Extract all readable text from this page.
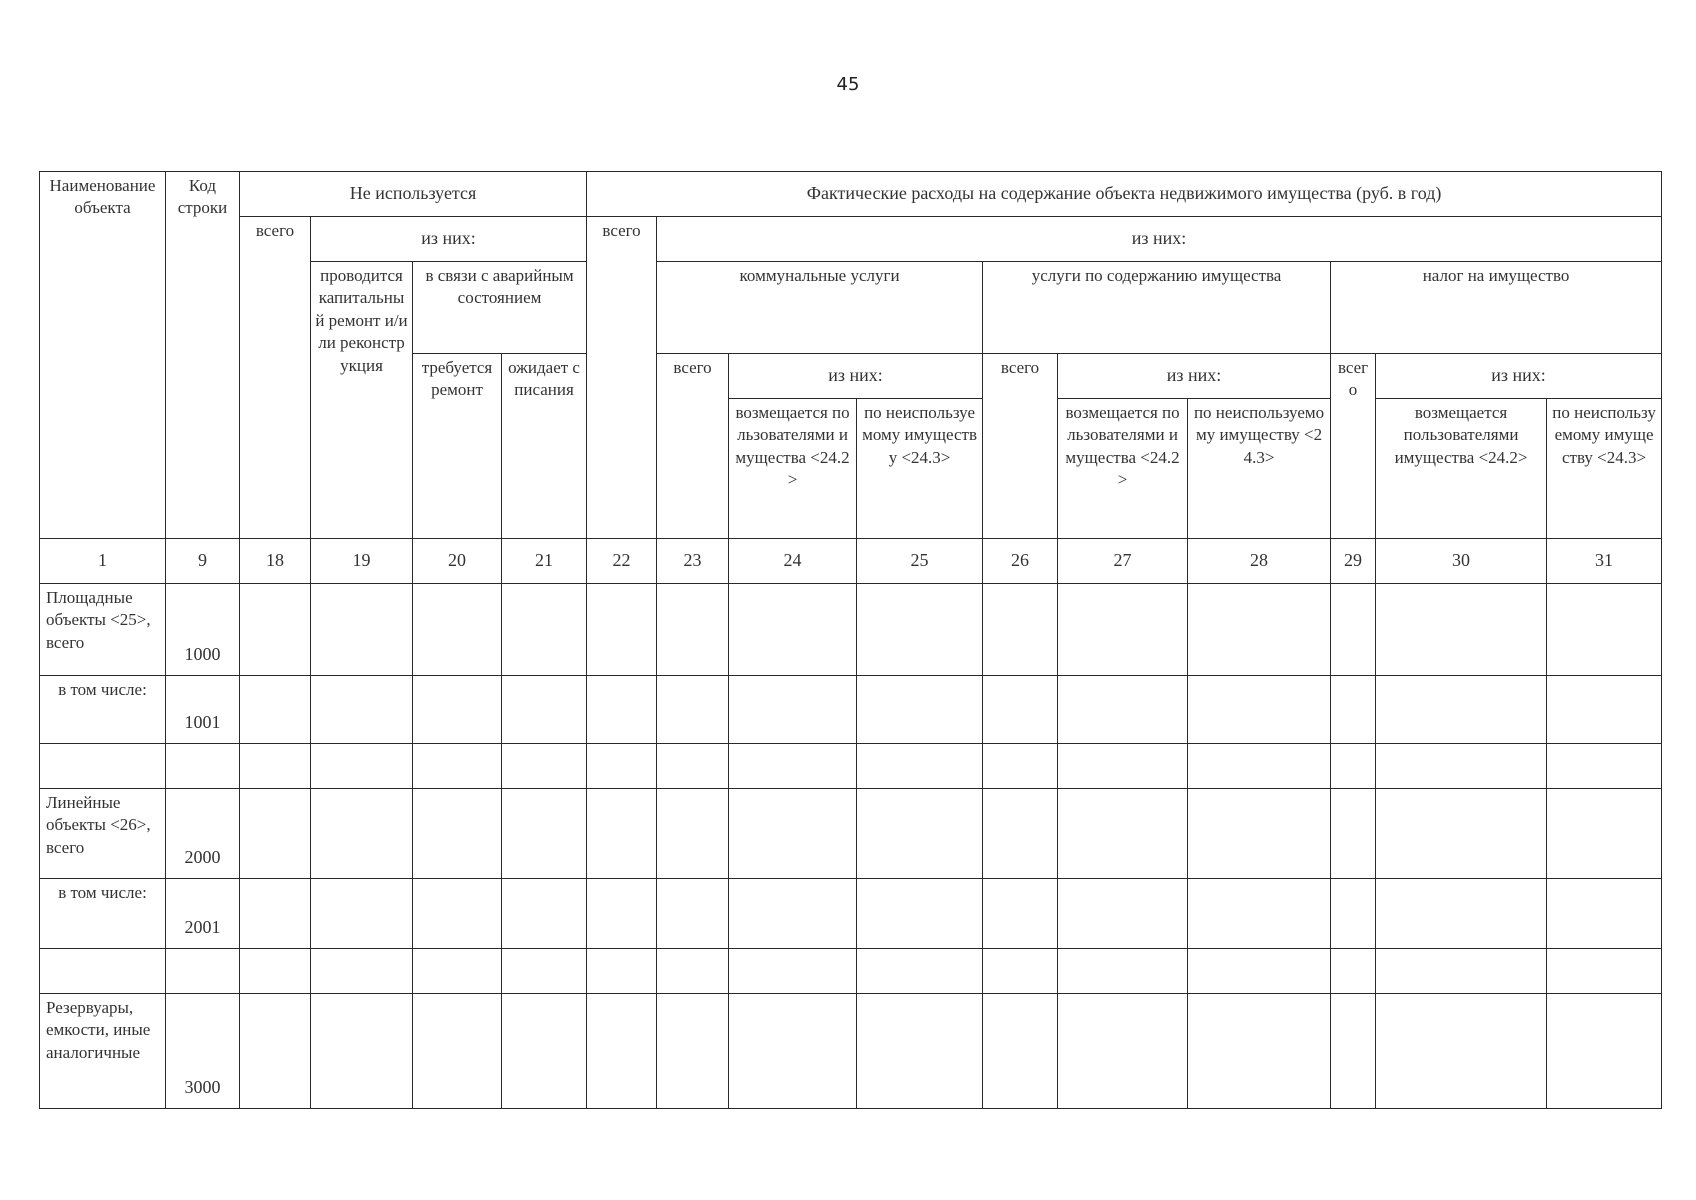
45
Наименование объекта	Код строки	Не используется				Фактические расходы на содержание объекта недвижимого имущества (руб. в год)									
		всего	из них:			всего	из них:								
			проводится капитальный ремонт и/или реконструкция	в связи с аварийным состоянием			коммунальные услуги			услуги по содержанию имущества			налог на имущество		
				требуется ремонт	ожидает списания		всего	из них:		всего	из них:		всего	из них:	
								возмещается пользователями имущества <24.2>	по неиспользуемому имуществу <24.3>		возмещается пользователями имущества <24.2>	по неиспользуемому имуществу <24.3>		возмещается пользователями имущества <24.2>	по неиспользуемому имуществу <24.3>

1	9	18	19	20	21	22	23	24	25	26	27	28	29	30	31
Площадные объекты <25>, всего	1000														
в том числе:	1001														

Линейные объекты <26>, всего	2000														
в том числе:	2001														

Резервуары, емкости, иные аналогичные	3000														
